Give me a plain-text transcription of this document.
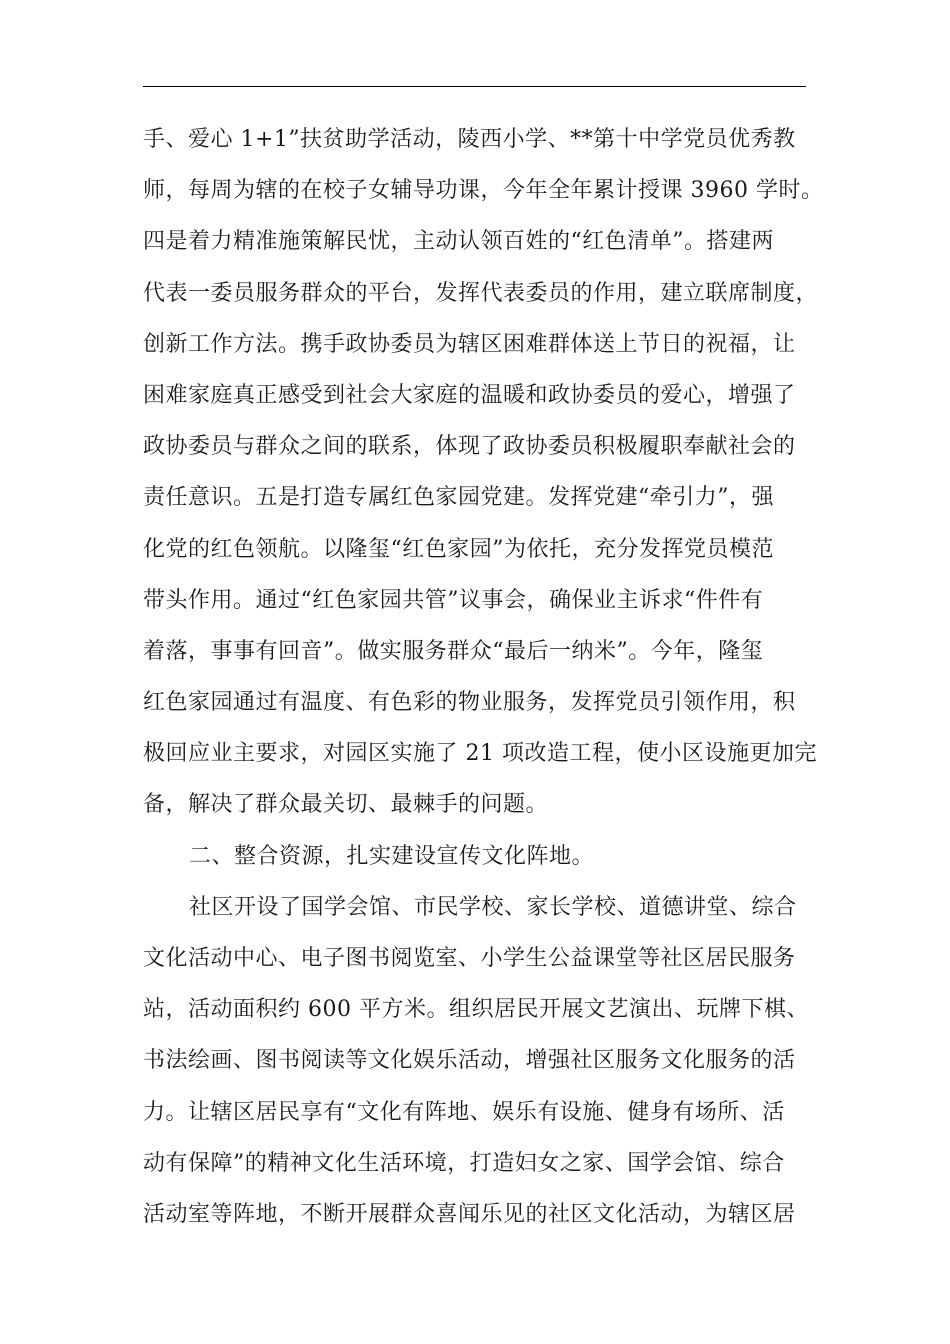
手、爱心 1+1”扶贫助学活动，陵西小学、**第十中学党员优秀教
师，每周为辖的在校子女辅导功课，今年全年累计授课 3960 学时。
四是着力精准施策解民忧，主动认领百姓的“红色清单”。搭建两
代表一委员服务群众的平台，发挥代表委员的作用，建立联席制度，
创新工作方法。携手政协委员为辖区困难群体送上节日的祝福，让
困难家庭真正感受到社会大家庭的温暖和政协委员的爱心，增强了
政协委员与群众之间的联系，体现了政协委员积极履职奉献社会的
责任意识。五是打造专属红色家园党建。发挥党建“牵引力”，强
化党的红色领航。以隆玺“红色家园”为依托，充分发挥党员模范
带头作用。通过“红色家园共管”议事会，确保业主诉求“件件有
着落，事事有回音”。做实服务群众“最后一纳米”。今年，隆玺
红色家园通过有温度、有色彩的物业服务，发挥党员引领作用，积
极回应业主要求，对园区实施了 21 项改造工程，使小区设施更加完
备，解决了群众最关切、最棘手的问题。
二、整合资源，扎实建设宣传文化阵地。
社区开设了国学会馆、市民学校、家长学校、道德讲堂、综合
文化活动中心、电子图书阅览室、小学生公益课堂等社区居民服务
站，活动面积约 600 平方米。组织居民开展文艺演出、玩牌下棋、
书法绘画、图书阅读等文化娱乐活动，增强社区服务文化服务的活
力。让辖区居民享有“文化有阵地、娱乐有设施、健身有场所、活
动有保障”的精神文化生活环境，打造妇女之家、国学会馆、综合
活动室等阵地，不断开展群众喜闻乐见的社区文化活动，为辖区居
